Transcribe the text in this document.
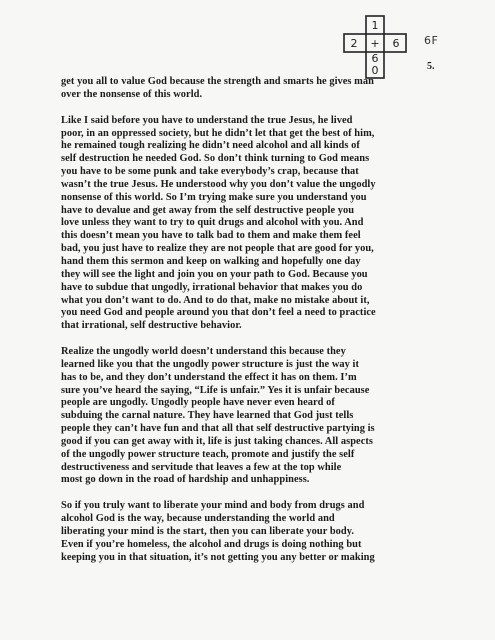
1
2	6
+
6
0
6F
5.

get you all to value God because the strength and smarts he gives man
over the nonsense of this world.

Like I said before you have to understand the true Jesus, he lived
poor, in an oppressed society, but he didn’t let that get the best of him,
he remained tough realizing he didn’t need alcohol and all kinds of
self destruction he needed God. So don’t think turning to God means
you have to be some punk and take everybody’s crap, because that
wasn’t the true Jesus. He understood why you don’t value the ungodly
nonsense of this world. So I’m trying make sure you understand you
have to devalue and get away from the self destructive people you
love unless they want to try to quit drugs and alcohol with you. And
this doesn’t mean you have to talk bad to them and make them feel
bad, you just have to realize they are not people that are good for you,
hand them this sermon and keep on walking and hopefully one day
they will see the light and join you on your path to God. Because you
have to subdue that ungodly, irrational behavior that makes you do
what you don’t want to do. And to do that, make no mistake about it,
you need God and people around you that don’t feel a need to practice
that irrational, self destructive behavior.

Realize the ungodly world doesn’t understand this because they
learned like you that the ungodly power structure is just the way it
has to be, and they don’t understand the effect it has on them. I’m
sure you’ve heard the saying, “Life is unfair.” Yes it is unfair because
people are ungodly. Ungodly people have never even heard of
subduing the carnal nature. They have learned that God just tells
people they can’t have fun and that all that self destructive partying is
good if you can get away with it, life is just taking chances. All aspects
of the ungodly power structure teach, promote and justify the self
destructiveness and servitude that leaves a few at the top while
most go down in the road of hardship and unhappiness.

So if you truly want to liberate your mind and body from drugs and
alcohol God is the way, because understanding the world and
liberating your mind is the start, then you can liberate your body.
Even if you’re homeless, the alcohol and drugs is doing nothing but
keeping you in that situation, it’s not getting you any better or making
